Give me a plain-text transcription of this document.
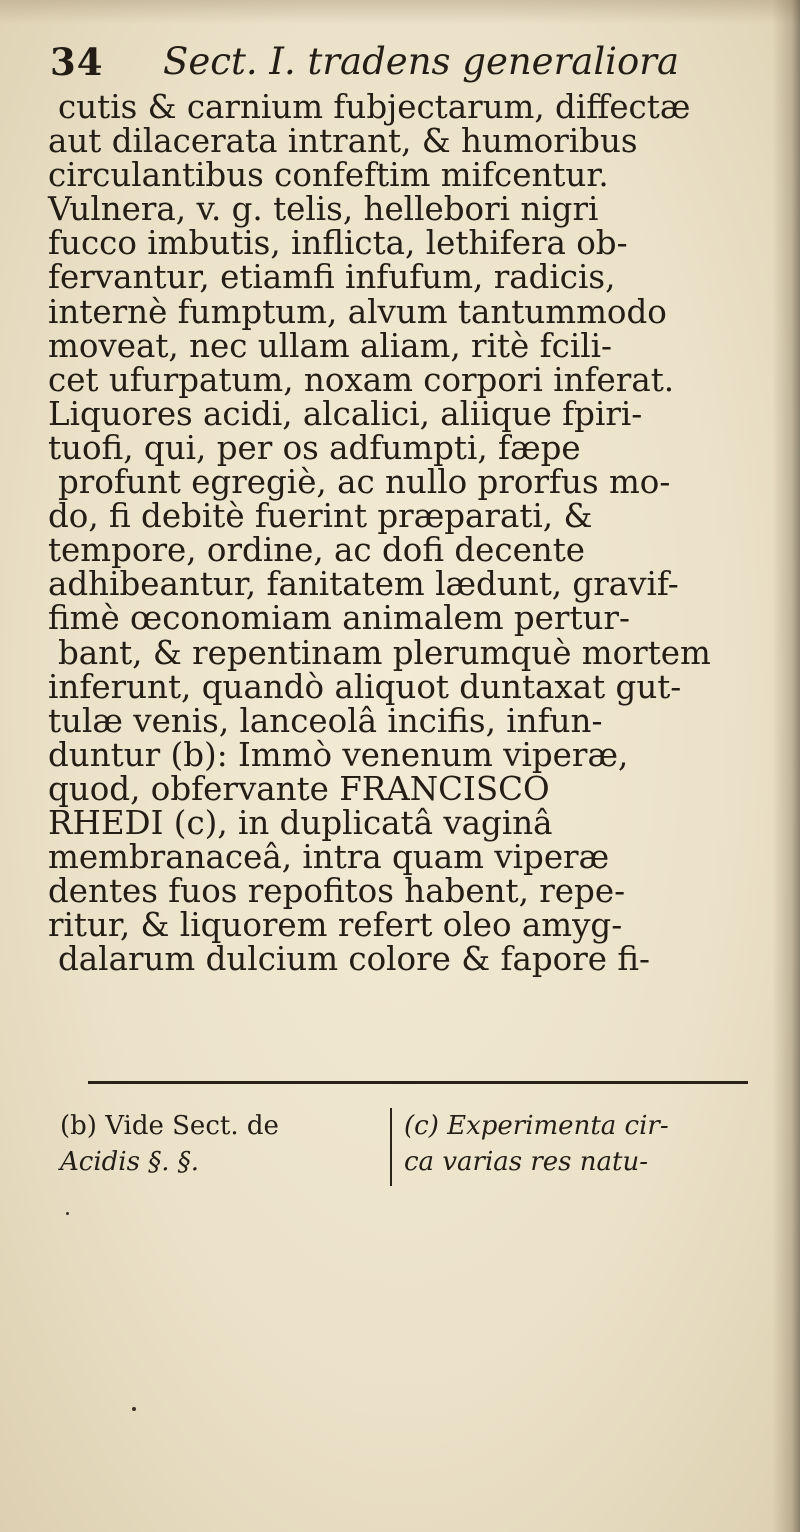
34 Sect. I. tradens generaliora
cutis & carnium fubjectarum, diffectæ
aut dilacerata intrant, & humoribus
circulantibus confeftim mifcentur.
Vulnera, v. g. telis, hellebori nigri
fucco imbutis, inflicta, lethifera ob-
fervantur, etiamfi infufum, radicis,
internè fumptum, alvum tantummodo
moveat, nec ullam aliam, ritè fcili-
cet ufurpatum, noxam corpori inferat.
Liquores acidi, alcalici, aliique fpiri-
tuofi, qui, per os adfumpti, fæpe
profunt egregiè, ac nullo prorfus mo-
do, fi debitè fuerint præparati, &
tempore, ordine, ac dofi decente
adhibeantur, fanitatem lædunt, gravif-
fimè œconomiam animalem pertur-
bant, & repentinam plerumquè mortem
inferunt, quandò aliquot duntaxat gut-
tulæ venis, lanceolâ incifis, infun-
duntur (b): Immò venenum viperæ,
quod, obfervante FRANCISCO
RHEDI (c), in duplicatâ vaginâ
membranaceâ, intra quam viperæ
dentes fuos repofitos habent, repe-
ritur, & liquorem refert oleo amyg-
dalarum dulcium colore & fapore fi-
(b) Vide Sect. de
Acidis §. §.
(c) Experimenta cir-
ca varias res natu-
